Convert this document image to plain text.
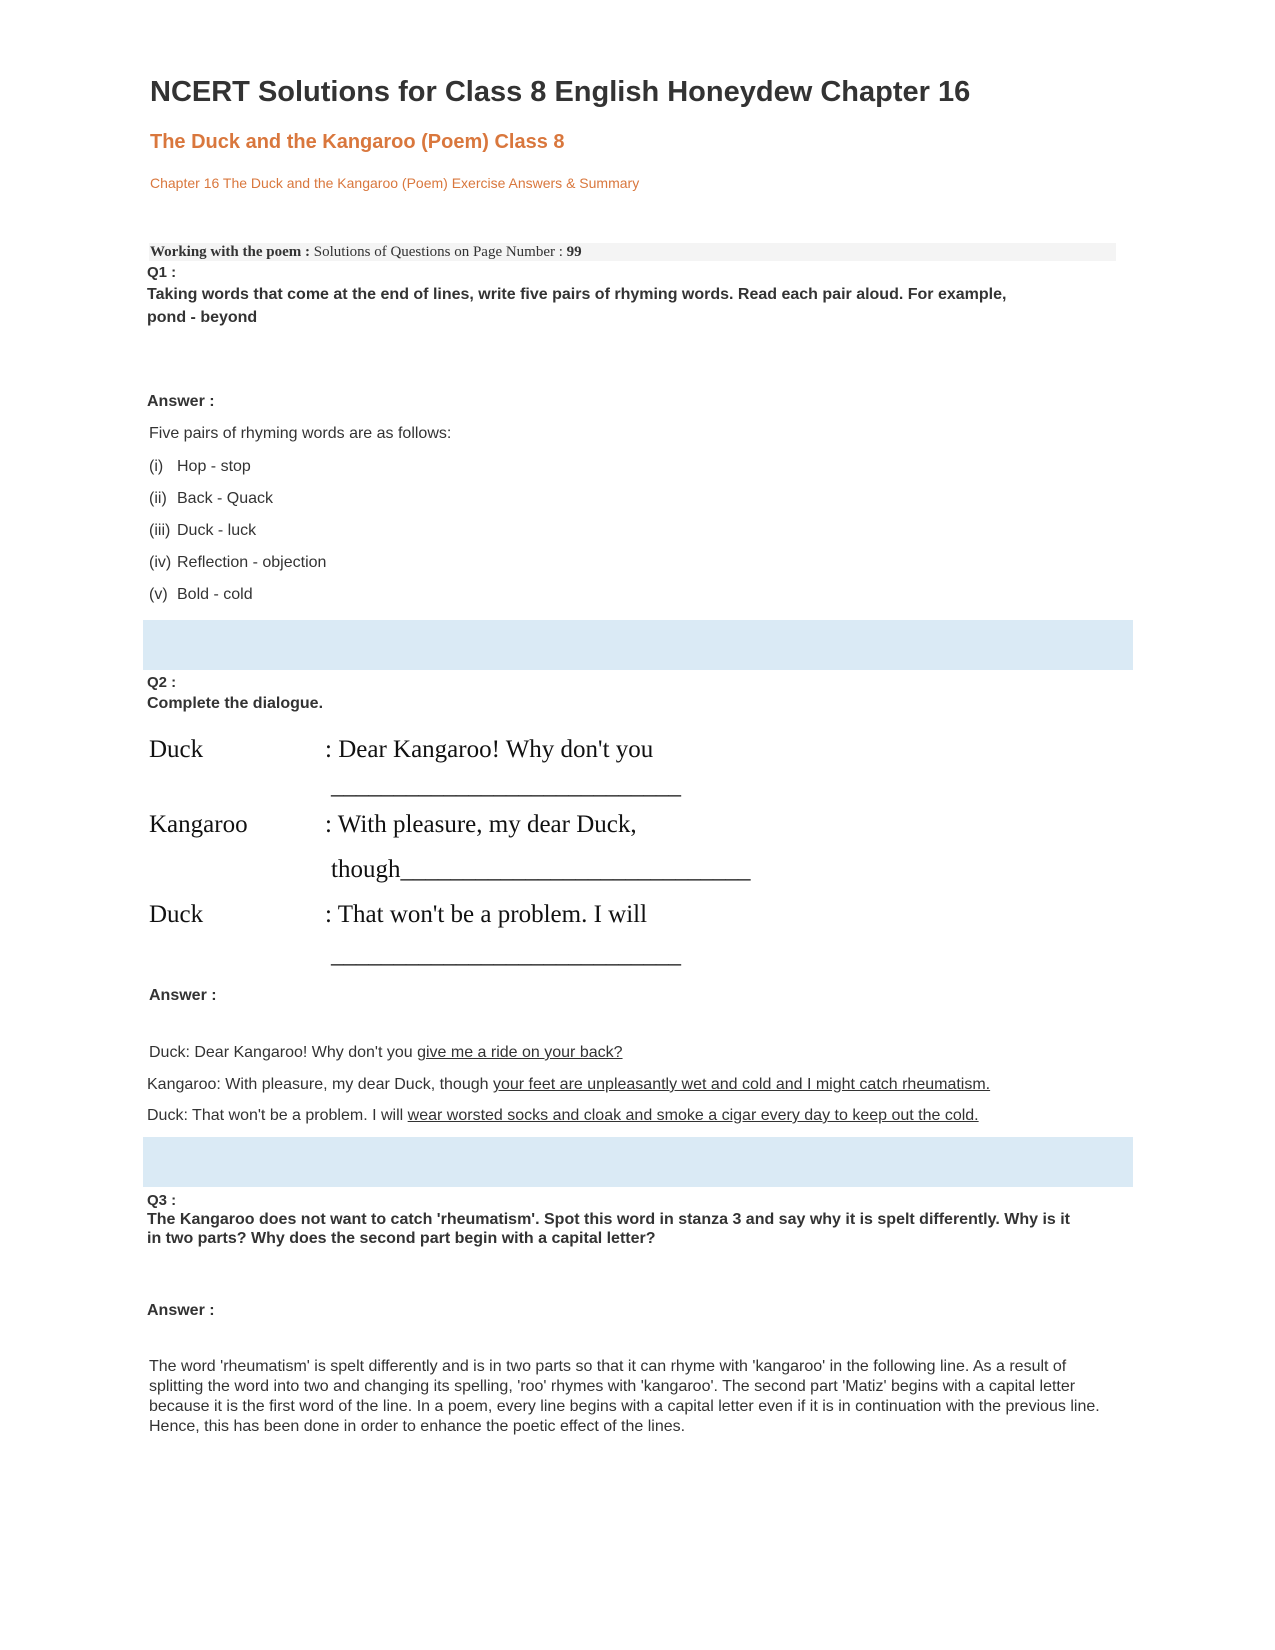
NCERT Solutions for Class 8 English Honeydew Chapter 16
The Duck and the Kangaroo (Poem) Class 8
Chapter 16 The Duck and the Kangaroo (Poem) Exercise Answers & Summary
Working with the poem : Solutions of Questions on Page Number : 99
Q1 :
Taking words that come at the end of lines, write five pairs of rhyming words. Read each pair aloud. For example,
pond - beyond
Answer :
Five pairs of rhyming words are as follows:
(i) Hop - stop
(ii) Back - Quack
(iii) Duck - luck
(iv) Reflection - objection
(v) Bold - cold
Q2 :
Complete the dialogue.
Duck	: Dear Kangaroo! Why don't you
____________________________
Kangaroo	: With pleasure, my dear Duck,
though____________________________
Duck	: That won't be a problem. I will
____________________________
Answer :
Duck: Dear Kangaroo! Why don't you give me a ride on your back?
Kangaroo: With pleasure, my dear Duck, though your feet are unpleasantly wet and cold and I might catch rheumatism.
Duck: That won't be a problem. I will wear worsted socks and cloak and smoke a cigar every day to keep out the cold.
Q3 :
The Kangaroo does not want to catch 'rheumatism'. Spot this word in stanza 3 and say why it is spelt differently. Why is it
in two parts? Why does the second part begin with a capital letter?
Answer :
The word 'rheumatism' is spelt differently and is in two parts so that it can rhyme with 'kangaroo' in the following line. As a result of splitting the word into two and changing its spelling, 'roo' rhymes with 'kangaroo'. The second part 'Matiz' begins with a capital letter because it is the first word of the line. In a poem, every line begins with a capital letter even if it is in continuation with the previous line. Hence, this has been done in order to enhance the poetic effect of the lines.
